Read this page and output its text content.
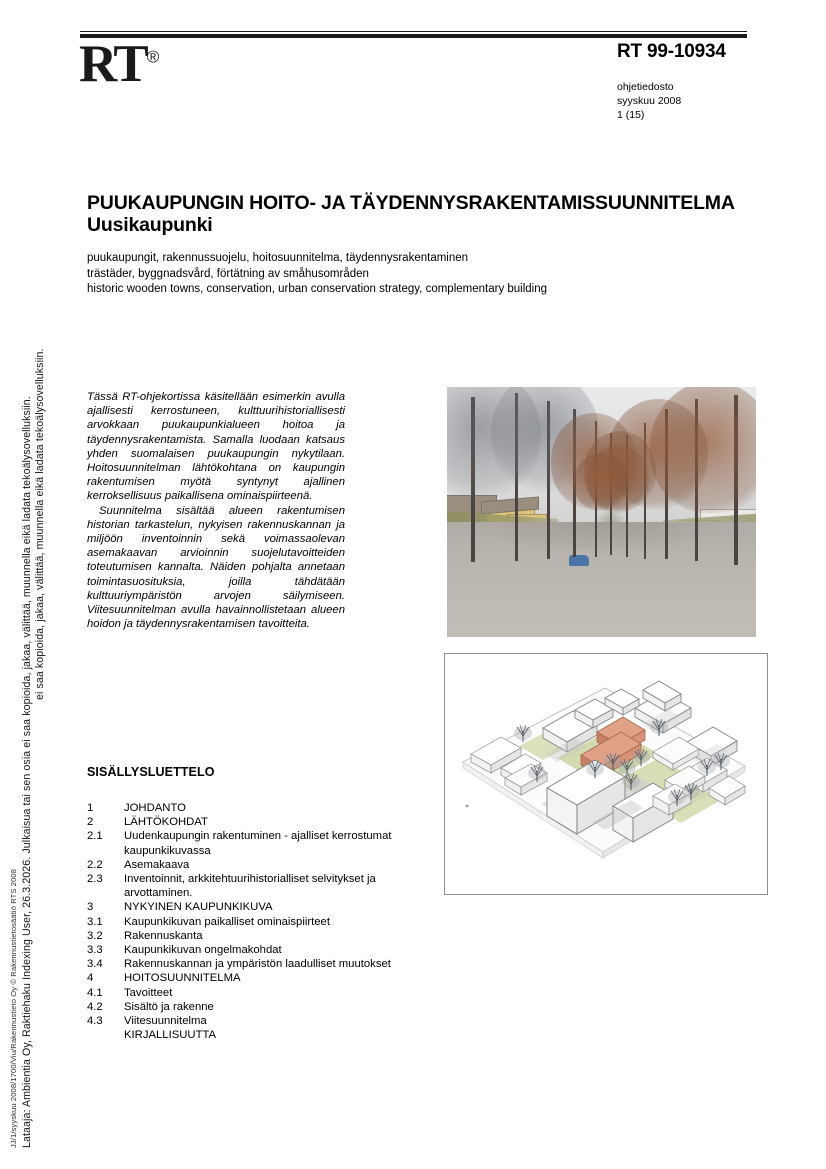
RT®	RT 99-10934
ohjetiedosto
syyskuu 2008
1 (15)
PUUKAUPUNGIN HOITO- JA TÄYDENNYSRAKENTAMISSUUNNITELMA
Uusikaupunki
puukaupungit, rakennussuojelu, hoitosuunnitelma, täydennysrakentaminen
trästäder, byggnadsvård, förtätning av småhusområden
historic wooden towns, conservation, urban conservation strategy, complementary building

Tässä RT-ohjekortissa käsitellään esimerkin avulla ajallisesti kerrostuneen, kulttuurihistoriallisesti arvokkaan puukaupunkialueen hoitoa ja täydennysrakentamista. Samalla luodaan katsaus yhden suomalaisen puukaupungin nykytilaan. Hoitosuunnitelman lähtökohtana on kaupungin rakentumisen myötä syntynyt ajallinen kerroksellisuus paikallisena ominaispiirteenä.

Suunnitelma sisältää alueen rakentumisen historian tarkastelun, nykyisen rakennuskannan ja miljöön inventoinnin sekä voimassaolevan asemakaavan arvioinnin suojelutavoitteiden toteutumisen kannalta. Näiden pohjalta annetaan toimintasuosituksia, joilla tähdätään kulttuuriympäristön arvojen säilymiseen. Viitesuunnitelman avulla havainnollistetaan alueen hoidon ja täydennysrakentamisen tavoitteita.

SISÄLLYSLUETTELO
1	JOHDANTO
2	LÄHTÖKOHDAT
2.1	Uudenkaupungin rakentuminen - ajalliset kerrostumat kaupunkikuvassa
2.2	Asemakaava
2.3	Inventoinnit, arkkitehtuurihistorialliset selvitykset ja arvottaminen.
3	NYKYINEN KAUPUNKIKUVA
3.1	Kaupunkikuvan paikalliset ominaispiirteet
3.2	Rakennuskanta
3.3	Kaupunkikuvan ongelmakohdat
3.4	Rakennuskannan ja ympäristön laadulliset muutokset
4	HOITOSUUNNITELMA
4.1	Tavoitteet
4.2	Sisältö ja rakenne
4.3	Viitesuunnitelma
KIRJALLISUUTTA
ei saa kopioida, jakaa, välittää, muunnella eikä ladata tekoälysovelluksiin.
Lataaja: Ambientia Oy, Raktiehaku Indexing User, 26.3.2026. Julkaisua tai sen osia ei saa kopioida, jakaa, välittää, muunnella eikä ladata tekoälysovelluksiin.
JJ/1/syyskuu 2008/1700/Viu/Rakennustieto Oy © Rakennustietosäätiö RTS 2008
